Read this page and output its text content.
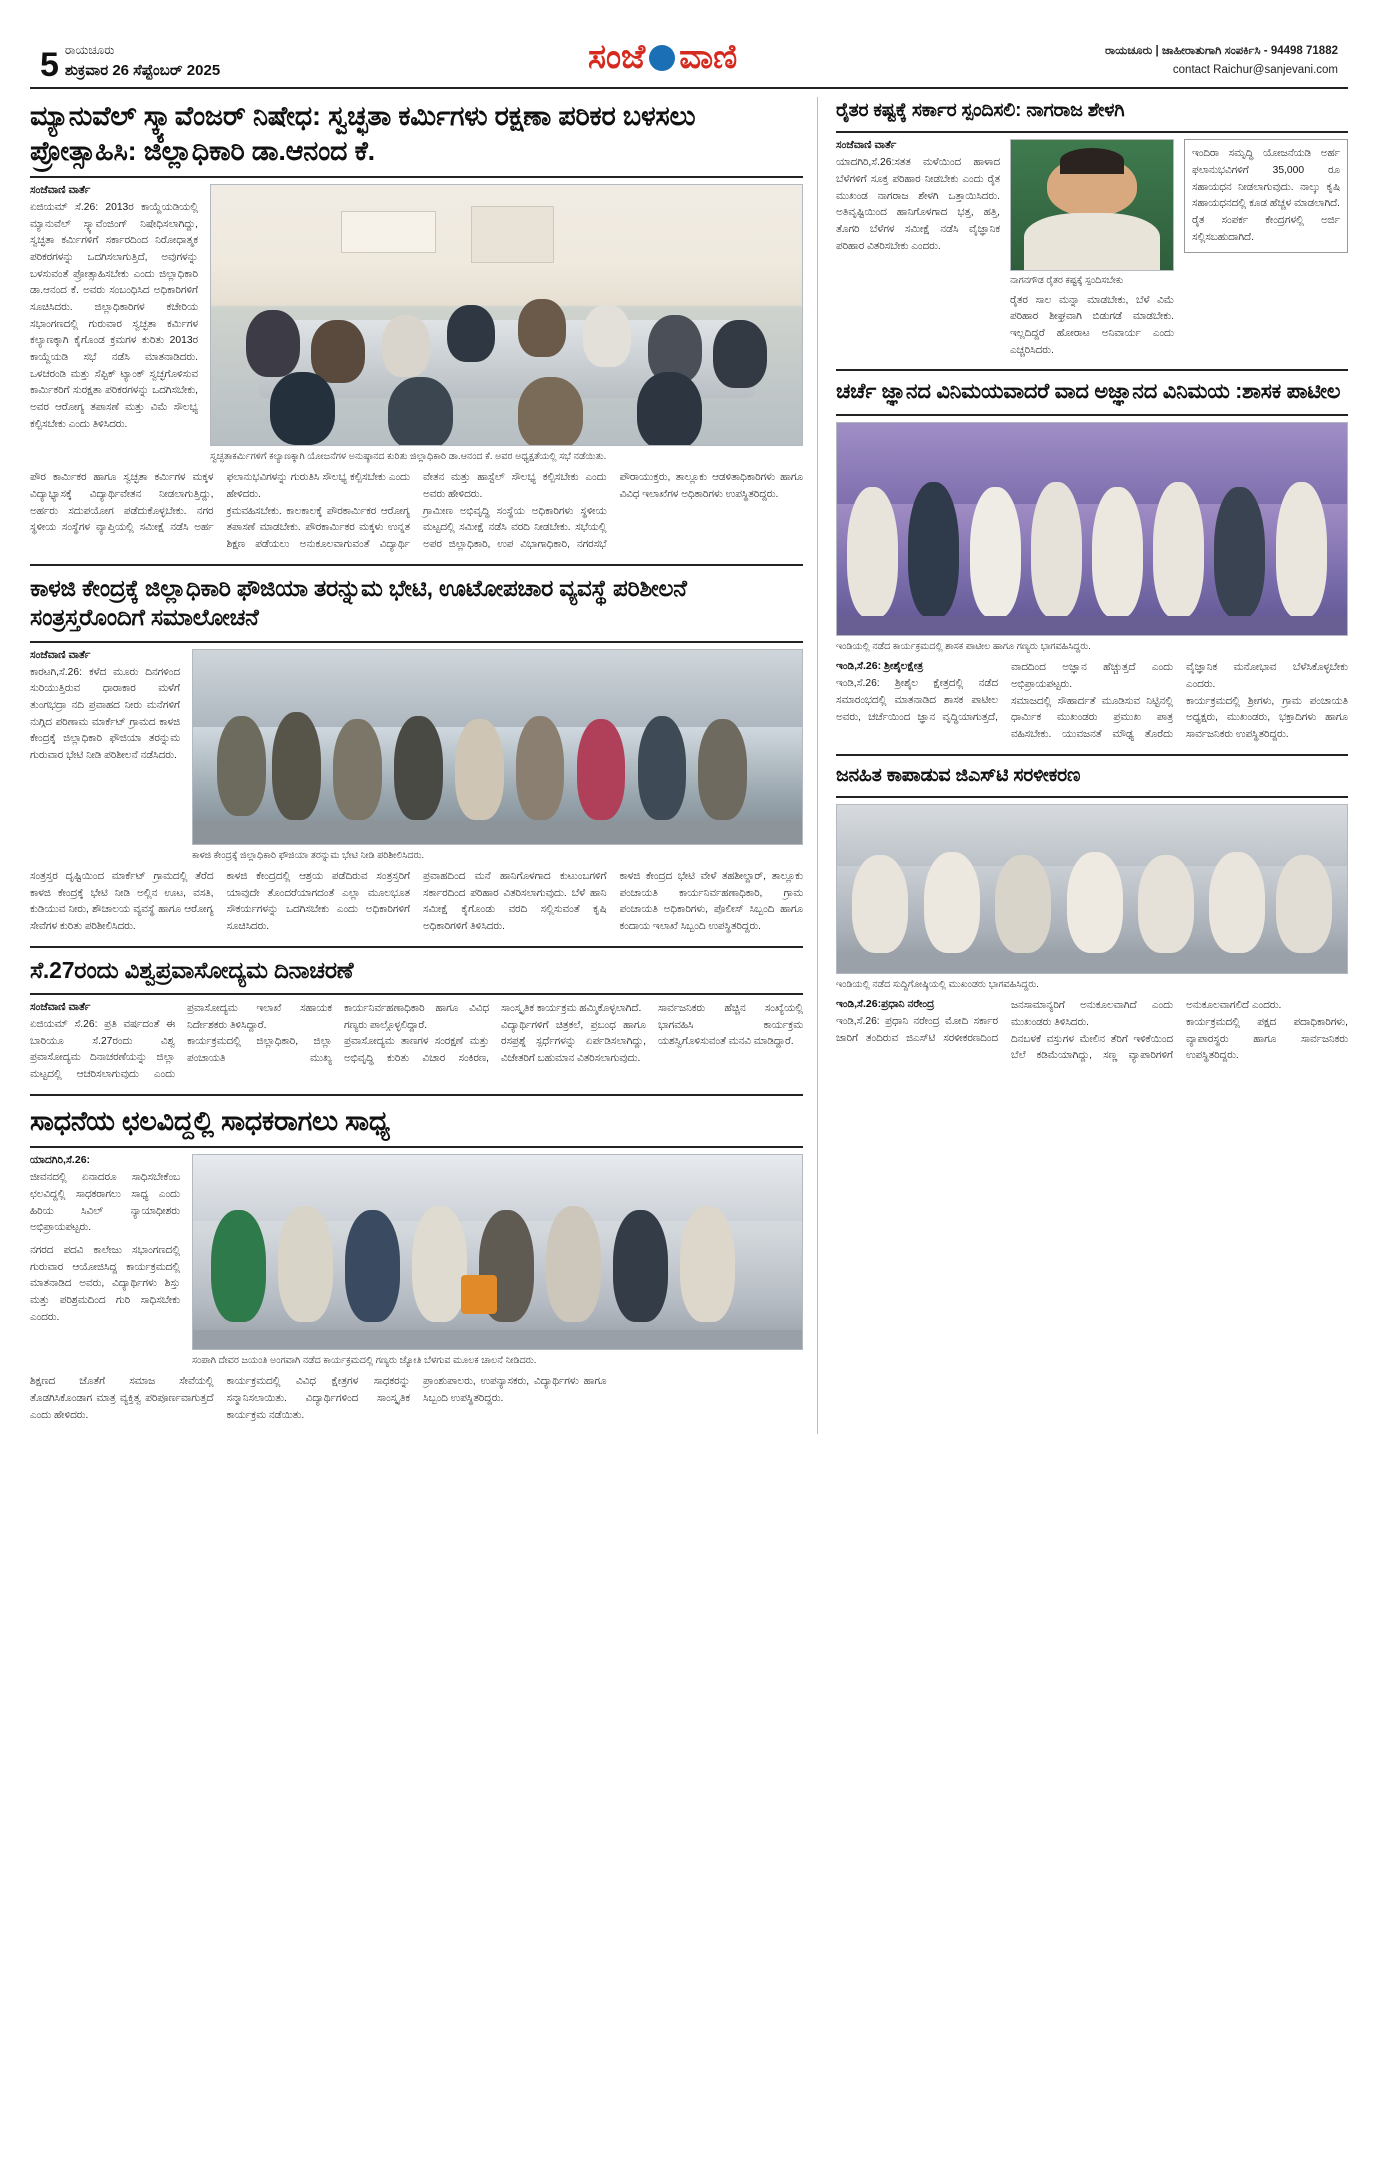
5 ರಾಯಚೂರು
ಶುಕ್ರವಾರ 26 ಸೆಪ್ಟೆಂಬರ್ 2025	ಸಂಜೆ ವಾಣಿ	ರಾಯಚೂರು | ಜಾಹೀರಾತುಗಾಗಿ ಸಂಪರ್ಕಿಸಿ - 94498 71882
contact Raichur@sanjevani.com
ಮ್ಯಾನುವೆಲ್ ಸ್ಕ್ಯಾವೆಂಜರ್ ನಿಷೇಧ: ಸ್ವಚ್ಛತಾ ಕರ್ಮಿಗಳು ರಕ್ಷಣಾ ಪರಿಕರ ಬಳಸಲು ಪ್ರೋತ್ಸಾಹಿಸಿ: ಜಿಲ್ಲಾಧಿಕಾರಿ ಡಾ.ಆನಂದ ಕೆ.
ಸಂಜೆವಾಣಿ ವಾರ್ತೆ
ಏಜಿಯಮ್ ಸೆ.26: 2013ರ ಕಾಯ್ದೆಯಡಿಯಲ್ಲಿ ಮ್ಯಾನುವೆಲ್ ಸ್ಕ್ಯಾವೆಂಜಿಂಗ್ ನಿಷೇಧಿಸಲಾಗಿದ್ದು, ಸ್ವಚ್ಛತಾ ಕರ್ಮಿಗಳಿಗೆ ಸರ್ಕಾರದಿಂದ ನಿರೋಧಾತ್ಮಕ ಪರಿಕರಗಳನ್ನು ಒದಗಿಸಲಾಗುತ್ತಿದೆ, ಅವುಗಳನ್ನು ಬಳಸುವಂತೆ ಪ್ರೋತ್ಸಾಹಿಸಬೇಕು ಎಂದು ಜಿಲ್ಲಾಧಿಕಾರಿ ಡಾ.ಆನಂದ ಕೆ. ಅವರು ಸಂಬಂಧಿಸಿದ ಅಧಿಕಾರಿಗಳಿಗೆ ಸೂಚಿಸಿದರು. ಜಿಲ್ಲಾಧಿಕಾರಿಗಳ ಕಚೇರಿಯ ಸಭಾಂಗಣದಲ್ಲಿ ಗುರುವಾರ ಸ್ವಚ್ಛತಾ ಕರ್ಮಿಗಳ ಕಲ್ಯಾಣಕ್ಕಾಗಿ ಕೈಗೊಂಡ ಕ್ರಮಗಳ ಕುರಿತು 2013ರ ಕಾಯ್ದೆಯಡಿ ಸಭೆ ನಡೆಸಿ ಮಾತನಾಡಿದರು. ಒಳಚರಂಡಿ ಮತ್ತು ಸೆಪ್ಟಿಕ್ ಟ್ಯಾಂಕ್ ಸ್ವಚ್ಛಗೊಳಿಸುವ ಕಾರ್ಮಿಕರಿಗೆ ಸುರಕ್ಷತಾ ಪರಿಕರಗಳನ್ನು ಒದಗಿಸಬೇಕು, ಅವರ ಆರೋಗ್ಯ ತಪಾಸಣೆ ಮತ್ತು ವಿಮೆ ಸೌಲಭ್ಯ ಕಲ್ಪಿಸಬೇಕು ಎಂದು ತಿಳಿಸಿದರು.
ಸ್ವಚ್ಛತಾಕರ್ಮಿಗಳಿಗೆ ಕಲ್ಯಾಣಕ್ಕಾಗಿ ಯೋಜನೆಗಳ ಅನುಷ್ಠಾನದ ಕುರಿತು ಜಿಲ್ಲಾಧಿಕಾರಿ ಡಾ.ಆನಂದ ಕೆ. ಅವರ ಅಧ್ಯಕ್ಷತೆಯಲ್ಲಿ ಸಭೆ ನಡೆಯಿತು.
ಪೌರ ಕಾರ್ಮಿಕರ ಹಾಗೂ ಸ್ವಚ್ಛತಾ ಕರ್ಮಿಗಳ ಮಕ್ಕಳ ವಿದ್ಯಾಭ್ಯಾಸಕ್ಕೆ ವಿದ್ಯಾರ್ಥಿವೇತನ ನೀಡಲಾಗುತ್ತಿದ್ದು, ಅರ್ಹರು ಸದುಪಯೋಗ ಪಡೆದುಕೊಳ್ಳಬೇಕು. ನಗರ ಸ್ಥಳೀಯ ಸಂಸ್ಥೆಗಳ ವ್ಯಾಪ್ತಿಯಲ್ಲಿ ಸಮೀಕ್ಷೆ ನಡೆಸಿ ಅರ್ಹ ಫಲಾನುಭವಿಗಳನ್ನು ಗುರುತಿಸಿ ಸೌಲಭ್ಯ ಕಲ್ಪಿಸಬೇಕು ಎಂದು ಹೇಳಿದರು.
ಕ್ರಮವಹಿಸಬೇಕು. ಕಾಲಕಾಲಕ್ಕೆ ಪೌರಕಾರ್ಮಿಕರ ಆರೋಗ್ಯ ತಪಾಸಣೆ ಮಾಡಬೇಕು. ಪೌರಕಾರ್ಮಿಕರ ಮಕ್ಕಳು ಉನ್ನತ ಶಿಕ್ಷಣ ಪಡೆಯಲು ಅನುಕೂಲವಾಗುವಂತೆ ವಿದ್ಯಾರ್ಥಿ ವೇತನ ಮತ್ತು ಹಾಸ್ಟೆಲ್ ಸೌಲಭ್ಯ ಕಲ್ಪಿಸಬೇಕು ಎಂದು ಅವರು ಹೇಳಿದರು.
ಗ್ರಾಮೀಣ ಅಭಿವೃದ್ಧಿ ಸಂಸ್ಥೆಯ ಅಧಿಕಾರಿಗಳು ಸ್ಥಳೀಯ ಮಟ್ಟದಲ್ಲಿ ಸಮೀಕ್ಷೆ ನಡೆಸಿ ವರದಿ ನೀಡಬೇಕು. ಸಭೆಯಲ್ಲಿ ಅಪರ ಜಿಲ್ಲಾಧಿಕಾರಿ, ಉಪ ವಿಭಾಗಾಧಿಕಾರಿ, ನಗರಸಭೆ ಪೌರಾಯುಕ್ತರು, ತಾಲ್ಲೂಕು ಆಡಳಿತಾಧಿಕಾರಿಗಳು ಹಾಗೂ ವಿವಿಧ ಇಲಾಖೆಗಳ ಅಧಿಕಾರಿಗಳು ಉಪಸ್ಥಿತರಿದ್ದರು.
ಕಾಳಜಿ ಕೇಂದ್ರಕ್ಕೆ ಜಿಲ್ಲಾಧಿಕಾರಿ ಫೌಜಿಯಾ ತರನ್ನುಮ ಭೇಟಿ, ಊಟೋಪಚಾರ ವ್ಯವಸ್ಥೆ ಪರಿಶೀಲನೆ ಸಂತ್ರಸ್ತರೊಂದಿಗೆ ಸಮಾಲೋಚನೆ
ಸಂಜೆವಾಣಿ ವಾರ್ತೆ
ಕಾರಟಗಿ,ಸೆ.26: ಕಳೆದ ಮೂರು ದಿನಗಳಿಂದ ಸುರಿಯುತ್ತಿರುವ ಧಾರಾಕಾರ ಮಳೆಗೆ ತುಂಗಭದ್ರಾ ನದಿ ಪ್ರವಾಹದ ನೀರು ಮನೆಗಳಿಗೆ ನುಗ್ಗಿದ ಪರಿಣಾಮ ಮಾರ್ಕೆಟ್ ಗ್ರಾಮದ ಕಾಳಜಿ ಕೇಂದ್ರಕ್ಕೆ ಜಿಲ್ಲಾಧಿಕಾರಿ ಫೌಜಿಯಾ ತರನ್ನುಮ ಗುರುವಾರ ಭೇಟಿ ನೀಡಿ ಪರಿಶೀಲನೆ ನಡೆಸಿದರು.
ಕಾಳಜಿ ಕೇಂದ್ರಕ್ಕೆ ಜಿಲ್ಲಾಧಿಕಾರಿ ಫೌಜಿಯಾ ತರನ್ನುಮ ಭೇಟಿ ನೀಡಿ ಪರಿಶೀಲಿಸಿದರು.
ಸಂತ್ರಸ್ತರ ದೃಷ್ಟಿಯಿಂದ ಮಾರ್ಕೆಟ್ ಗ್ರಾಮದಲ್ಲಿ ತೆರೆದ ಕಾಳಜಿ ಕೇಂದ್ರಕ್ಕೆ ಭೇಟಿ ನೀಡಿ ಅಲ್ಲಿನ ಊಟ, ವಸತಿ, ಕುಡಿಯುವ ನೀರು, ಶೌಚಾಲಯ ವ್ಯವಸ್ಥೆ ಹಾಗೂ ಆರೋಗ್ಯ ಸೇವೆಗಳ ಕುರಿತು ಪರಿಶೀಲಿಸಿದರು.
ಕಾಳಜಿ ಕೇಂದ್ರದಲ್ಲಿ ಆಶ್ರಯ ಪಡೆದಿರುವ ಸಂತ್ರಸ್ತರಿಗೆ ಯಾವುದೇ ತೊಂದರೆಯಾಗದಂತೆ ಎಲ್ಲಾ ಮೂಲಭೂತ ಸೌಕರ್ಯಗಳನ್ನು ಒದಗಿಸಬೇಕು ಎಂದು ಅಧಿಕಾರಿಗಳಿಗೆ ಸೂಚಿಸಿದರು.
ಪ್ರವಾಹದಿಂದ ಮನೆ ಹಾನಿಗೊಳಗಾದ ಕುಟುಂಬಗಳಿಗೆ ಸರ್ಕಾರದಿಂದ ಪರಿಹಾರ ವಿತರಿಸಲಾಗುವುದು. ಬೆಳೆ ಹಾನಿ ಸಮೀಕ್ಷೆ ಕೈಗೊಂಡು ವರದಿ ಸಲ್ಲಿಸುವಂತೆ ಕೃಷಿ ಅಧಿಕಾರಿಗಳಿಗೆ ತಿಳಿಸಿದರು.
ಕಾಳಜಿ ಕೇಂದ್ರದ ಭೇಟಿ ವೇಳೆ ತಹಶೀಲ್ದಾರ್, ತಾಲ್ಲೂಕು ಪಂಚಾಯತಿ ಕಾರ್ಯನಿರ್ವಹಣಾಧಿಕಾರಿ, ಗ್ರಾಮ ಪಂಚಾಯತಿ ಅಧಿಕಾರಿಗಳು, ಪೊಲೀಸ್ ಸಿಬ್ಬಂದಿ ಹಾಗೂ ಕಂದಾಯ ಇಲಾಖೆ ಸಿಬ್ಬಂದಿ ಉಪಸ್ಥಿತರಿದ್ದರು.
ಸೆ.27ರಂದು ವಿಶ್ವಪ್ರವಾಸೋದ್ಯಮ ದಿನಾಚರಣೆ
ಸಂಜೆವಾಣಿ ವಾರ್ತೆ
ಏಜಿಯಮ್ ಸೆ.26: ಪ್ರತಿ ವರ್ಷದಂತೆ ಈ ಬಾರಿಯೂ ಸೆ.27ರಂದು ವಿಶ್ವ ಪ್ರವಾಸೋದ್ಯಮ ದಿನಾಚರಣೆಯನ್ನು ಜಿಲ್ಲಾ ಮಟ್ಟದಲ್ಲಿ ಆಚರಿಸಲಾಗುವುದು ಎಂದು ಪ್ರವಾಸೋದ್ಯಮ ಇಲಾಖೆ ಸಹಾಯಕ ನಿರ್ದೇಶಕರು ತಿಳಿಸಿದ್ದಾರೆ.
ಕಾರ್ಯಕ್ರಮದಲ್ಲಿ ಜಿಲ್ಲಾಧಿಕಾರಿ, ಜಿಲ್ಲಾ ಪಂಚಾಯತಿ ಮುಖ್ಯ ಕಾರ್ಯನಿರ್ವಹಣಾಧಿಕಾರಿ ಹಾಗೂ ವಿವಿಧ ಗಣ್ಯರು ಪಾಲ್ಗೊಳ್ಳಲಿದ್ದಾರೆ.
ಪ್ರವಾಸೋದ್ಯಮ ತಾಣಗಳ ಸಂರಕ್ಷಣೆ ಮತ್ತು ಅಭಿವೃದ್ಧಿ ಕುರಿತು ವಿಚಾರ ಸಂಕಿರಣ, ಸಾಂಸ್ಕೃತಿಕ ಕಾರ್ಯಕ್ರಮ ಹಮ್ಮಿಕೊಳ್ಳಲಾಗಿದೆ.
ವಿದ್ಯಾರ್ಥಿಗಳಿಗೆ ಚಿತ್ರಕಲೆ, ಪ್ರಬಂಧ ಹಾಗೂ ರಸಪ್ರಶ್ನೆ ಸ್ಪರ್ಧೆಗಳನ್ನು ಏರ್ಪಡಿಸಲಾಗಿದ್ದು, ವಿಜೇತರಿಗೆ ಬಹುಮಾನ ವಿತರಿಸಲಾಗುವುದು.
ಸಾರ್ವಜನಿಕರು ಹೆಚ್ಚಿನ ಸಂಖ್ಯೆಯಲ್ಲಿ ಭಾಗವಹಿಸಿ ಕಾರ್ಯಕ್ರಮ ಯಶಸ್ವಿಗೊಳಿಸುವಂತೆ ಮನವಿ ಮಾಡಿದ್ದಾರೆ.
ಸಾಧನೆಯ ಛಲವಿದ್ದಲ್ಲಿ ಸಾಧಕರಾಗಲು ಸಾಧ್ಯ
ಯಾದಗಿರಿ,ಸೆ.26:
ಜೀವನದಲ್ಲಿ ಏನಾದರೂ ಸಾಧಿಸಬೇಕೆಂಬ ಛಲವಿದ್ದಲ್ಲಿ ಸಾಧಕರಾಗಲು ಸಾಧ್ಯ ಎಂದು ಹಿರಿಯ ಸಿವಿಲ್ ನ್ಯಾಯಾಧೀಶರು ಅಭಿಪ್ರಾಯಪಟ್ಟರು.
ನಗರದ ಪದವಿ ಕಾಲೇಜು ಸಭಾಂಗಣದಲ್ಲಿ ಗುರುವಾರ ಆಯೋಜಿಸಿದ್ದ ಕಾರ್ಯಕ್ರಮದಲ್ಲಿ ಮಾತನಾಡಿದ ಅವರು, ವಿದ್ಯಾರ್ಥಿಗಳು ಶಿಸ್ತು ಮತ್ತು ಪರಿಶ್ರಮದಿಂದ ಗುರಿ ಸಾಧಿಸಬೇಕು ಎಂದರು.
ಸಂಪಾಗಿ ದೇವರ ಜಯಂತಿ ಅಂಗವಾಗಿ ನಡೆದ ಕಾರ್ಯಕ್ರಮದಲ್ಲಿ ಗಣ್ಯರು ಜ್ಯೋತಿ ಬೆಳಗುವ ಮೂಲಕ ಚಾಲನೆ ನೀಡಿದರು.
ಶಿಕ್ಷಣದ ಜೊತೆಗೆ ಸಮಾಜ ಸೇವೆಯಲ್ಲಿ ತೊಡಗಿಸಿಕೊಂಡಾಗ ಮಾತ್ರ ವ್ಯಕ್ತಿತ್ವ ಪರಿಪೂರ್ಣವಾಗುತ್ತದೆ ಎಂದು ಹೇಳಿದರು.
ಕಾರ್ಯಕ್ರಮದಲ್ಲಿ ವಿವಿಧ ಕ್ಷೇತ್ರಗಳ ಸಾಧಕರನ್ನು ಸನ್ಮಾನಿಸಲಾಯಿತು. ವಿದ್ಯಾರ್ಥಿಗಳಿಂದ ಸಾಂಸ್ಕೃತಿಕ ಕಾರ್ಯಕ್ರಮ ನಡೆಯಿತು.
ಪ್ರಾಂಶುಪಾಲರು, ಉಪನ್ಯಾಸಕರು, ವಿದ್ಯಾರ್ಥಿಗಳು ಹಾಗೂ ಸಿಬ್ಬಂದಿ ಉಪಸ್ಥಿತರಿದ್ದರು.
ರೈತರ ಕಷ್ಟಕ್ಕೆ ಸರ್ಕಾರ ಸ್ಪಂದಿಸಲಿ: ನಾಗರಾಜ ಶೇಳಗಿ
ಸಂಜೆವಾಣಿ ವಾರ್ತೆ
ಯಾದಗಿರಿ,ಸೆ.26:ಸತತ ಮಳೆಯಿಂದ ಹಾಳಾದ ಬೆಳೆಗಳಿಗೆ ಸೂಕ್ತ ಪರಿಹಾರ ನೀಡಬೇಕು ಎಂದು ರೈತ ಮುಖಂಡ ನಾಗರಾಜ ಶೇಳಗಿ ಒತ್ತಾಯಿಸಿದರು. ಅತಿವೃಷ್ಟಿಯಿಂದ ಹಾನಿಗೊಳಗಾದ ಭತ್ತ, ಹತ್ತಿ, ತೊಗರಿ ಬೆಳೆಗಳ ಸಮೀಕ್ಷೆ ನಡೆಸಿ ವೈಜ್ಞಾನಿಕ ಪರಿಹಾರ ವಿತರಿಸಬೇಕು ಎಂದರು.
ನಾಗನಗೌಡ ರೈತರ ಕಷ್ಟಕ್ಕೆ ಸ್ಪಂದಿಸಬೇಕು
ರೈತರ ಸಾಲ ಮನ್ನಾ ಮಾಡಬೇಕು, ಬೆಳೆ ವಿಮೆ ಪರಿಹಾರ ಶೀಘ್ರವಾಗಿ ಬಿಡುಗಡೆ ಮಾಡಬೇಕು. ಇಲ್ಲದಿದ್ದರೆ ಹೋರಾಟ ಅನಿವಾರ್ಯ ಎಂದು ಎಚ್ಚರಿಸಿದರು.
ಇಂದಿರಾ ಸಮೃದ್ಧಿ ಯೋಜನೆಯಡಿ ಅರ್ಹ ಫಲಾನುಭವಿಗಳಿಗೆ 35,000 ರೂ ಸಹಾಯಧನ ನೀಡಲಾಗುವುದು. ನಾಲ್ಕು ಕೃಷಿ ಸಹಾಯಧನದಲ್ಲಿ ಕೂಡ ಹೆಚ್ಚಳ ಮಾಡಲಾಗಿದೆ. ರೈತ ಸಂಪರ್ಕ ಕೇಂದ್ರಗಳಲ್ಲಿ ಅರ್ಜಿ ಸಲ್ಲಿಸಬಹುದಾಗಿದೆ.
ಚರ್ಚೆ ಜ್ಞಾನದ ವಿನಿಮಯವಾದರೆ ವಾದ ಅಜ್ಞಾನದ ವಿನಿಮಯ :ಶಾಸಕ ಪಾಟೀಲ
ಇಂಡಿಯಲ್ಲಿ ನಡೆದ ಕಾರ್ಯಕ್ರಮದಲ್ಲಿ ಶಾಸಕ ಪಾಟೀಲ ಹಾಗೂ ಗಣ್ಯರು ಭಾಗವಹಿಸಿದ್ದರು.
ಇಂಡಿ,ಸೆ.26: ಶ್ರೀಶೈಲಕ್ಷೇತ್ರ
ಇಂಡಿ,ಸೆ.26: ಶ್ರೀಶೈಲ ಕ್ಷೇತ್ರದಲ್ಲಿ ನಡೆದ ಸಮಾರಂಭದಲ್ಲಿ ಮಾತನಾಡಿದ ಶಾಸಕ ಪಾಟೀಲ ಅವರು, ಚರ್ಚೆಯಿಂದ ಜ್ಞಾನ ವೃದ್ಧಿಯಾಗುತ್ತದೆ, ವಾದದಿಂದ ಅಜ್ಞಾನ ಹೆಚ್ಚುತ್ತದೆ ಎಂದು ಅಭಿಪ್ರಾಯಪಟ್ಟರು.
ಸಮಾಜದಲ್ಲಿ ಸೌಹಾರ್ದತೆ ಮೂಡಿಸುವ ನಿಟ್ಟಿನಲ್ಲಿ ಧಾರ್ಮಿಕ ಮುಖಂಡರು ಪ್ರಮುಖ ಪಾತ್ರ ವಹಿಸಬೇಕು. ಯುವಜನತೆ ಮೌಢ್ಯ ತೊರೆದು ವೈಜ್ಞಾನಿಕ ಮನೋಭಾವ ಬೆಳೆಸಿಕೊಳ್ಳಬೇಕು ಎಂದರು.
ಕಾರ್ಯಕ್ರಮದಲ್ಲಿ ಶ್ರೀಗಳು, ಗ್ರಾಮ ಪಂಚಾಯತಿ ಅಧ್ಯಕ್ಷರು, ಮುಖಂಡರು, ಭಕ್ತಾದಿಗಳು ಹಾಗೂ ಸಾರ್ವಜನಿಕರು ಉಪಸ್ಥಿತರಿದ್ದರು.
ಜನಹಿತ ಕಾಪಾಡುವ ಜಿಎಸ್‌ಟಿ ಸರಳೀಕರಣ
ಇಂಡಿಯಲ್ಲಿ ನಡೆದ ಸುದ್ದಿಗೋಷ್ಠಿಯಲ್ಲಿ ಮುಖಂಡರು ಭಾಗವಹಿಸಿದ್ದರು.
ಇಂಡಿ,ಸೆ.26:ಪ್ರಧಾನಿ ನರೇಂದ್ರ
ಇಂಡಿ,ಸೆ.26: ಪ್ರಧಾನಿ ನರೇಂದ್ರ ಮೋದಿ ಸರ್ಕಾರ ಜಾರಿಗೆ ತಂದಿರುವ ಜಿಎಸ್‌ಟಿ ಸರಳೀಕರಣದಿಂದ ಜನಸಾಮಾನ್ಯರಿಗೆ ಅನುಕೂಲವಾಗಿದೆ ಎಂದು ಮುಖಂಡರು ತಿಳಿಸಿದರು.
ದಿನಬಳಕೆ ವಸ್ತುಗಳ ಮೇಲಿನ ತೆರಿಗೆ ಇಳಿಕೆಯಿಂದ ಬೆಲೆ ಕಡಿಮೆಯಾಗಿದ್ದು, ಸಣ್ಣ ವ್ಯಾಪಾರಿಗಳಿಗೆ ಅನುಕೂಲವಾಗಲಿದೆ ಎಂದರು.
ಕಾರ್ಯಕ್ರಮದಲ್ಲಿ ಪಕ್ಷದ ಪದಾಧಿಕಾರಿಗಳು, ವ್ಯಾಪಾರಸ್ಥರು ಹಾಗೂ ಸಾರ್ವಜನಿಕರು ಉಪಸ್ಥಿತರಿದ್ದರು.
